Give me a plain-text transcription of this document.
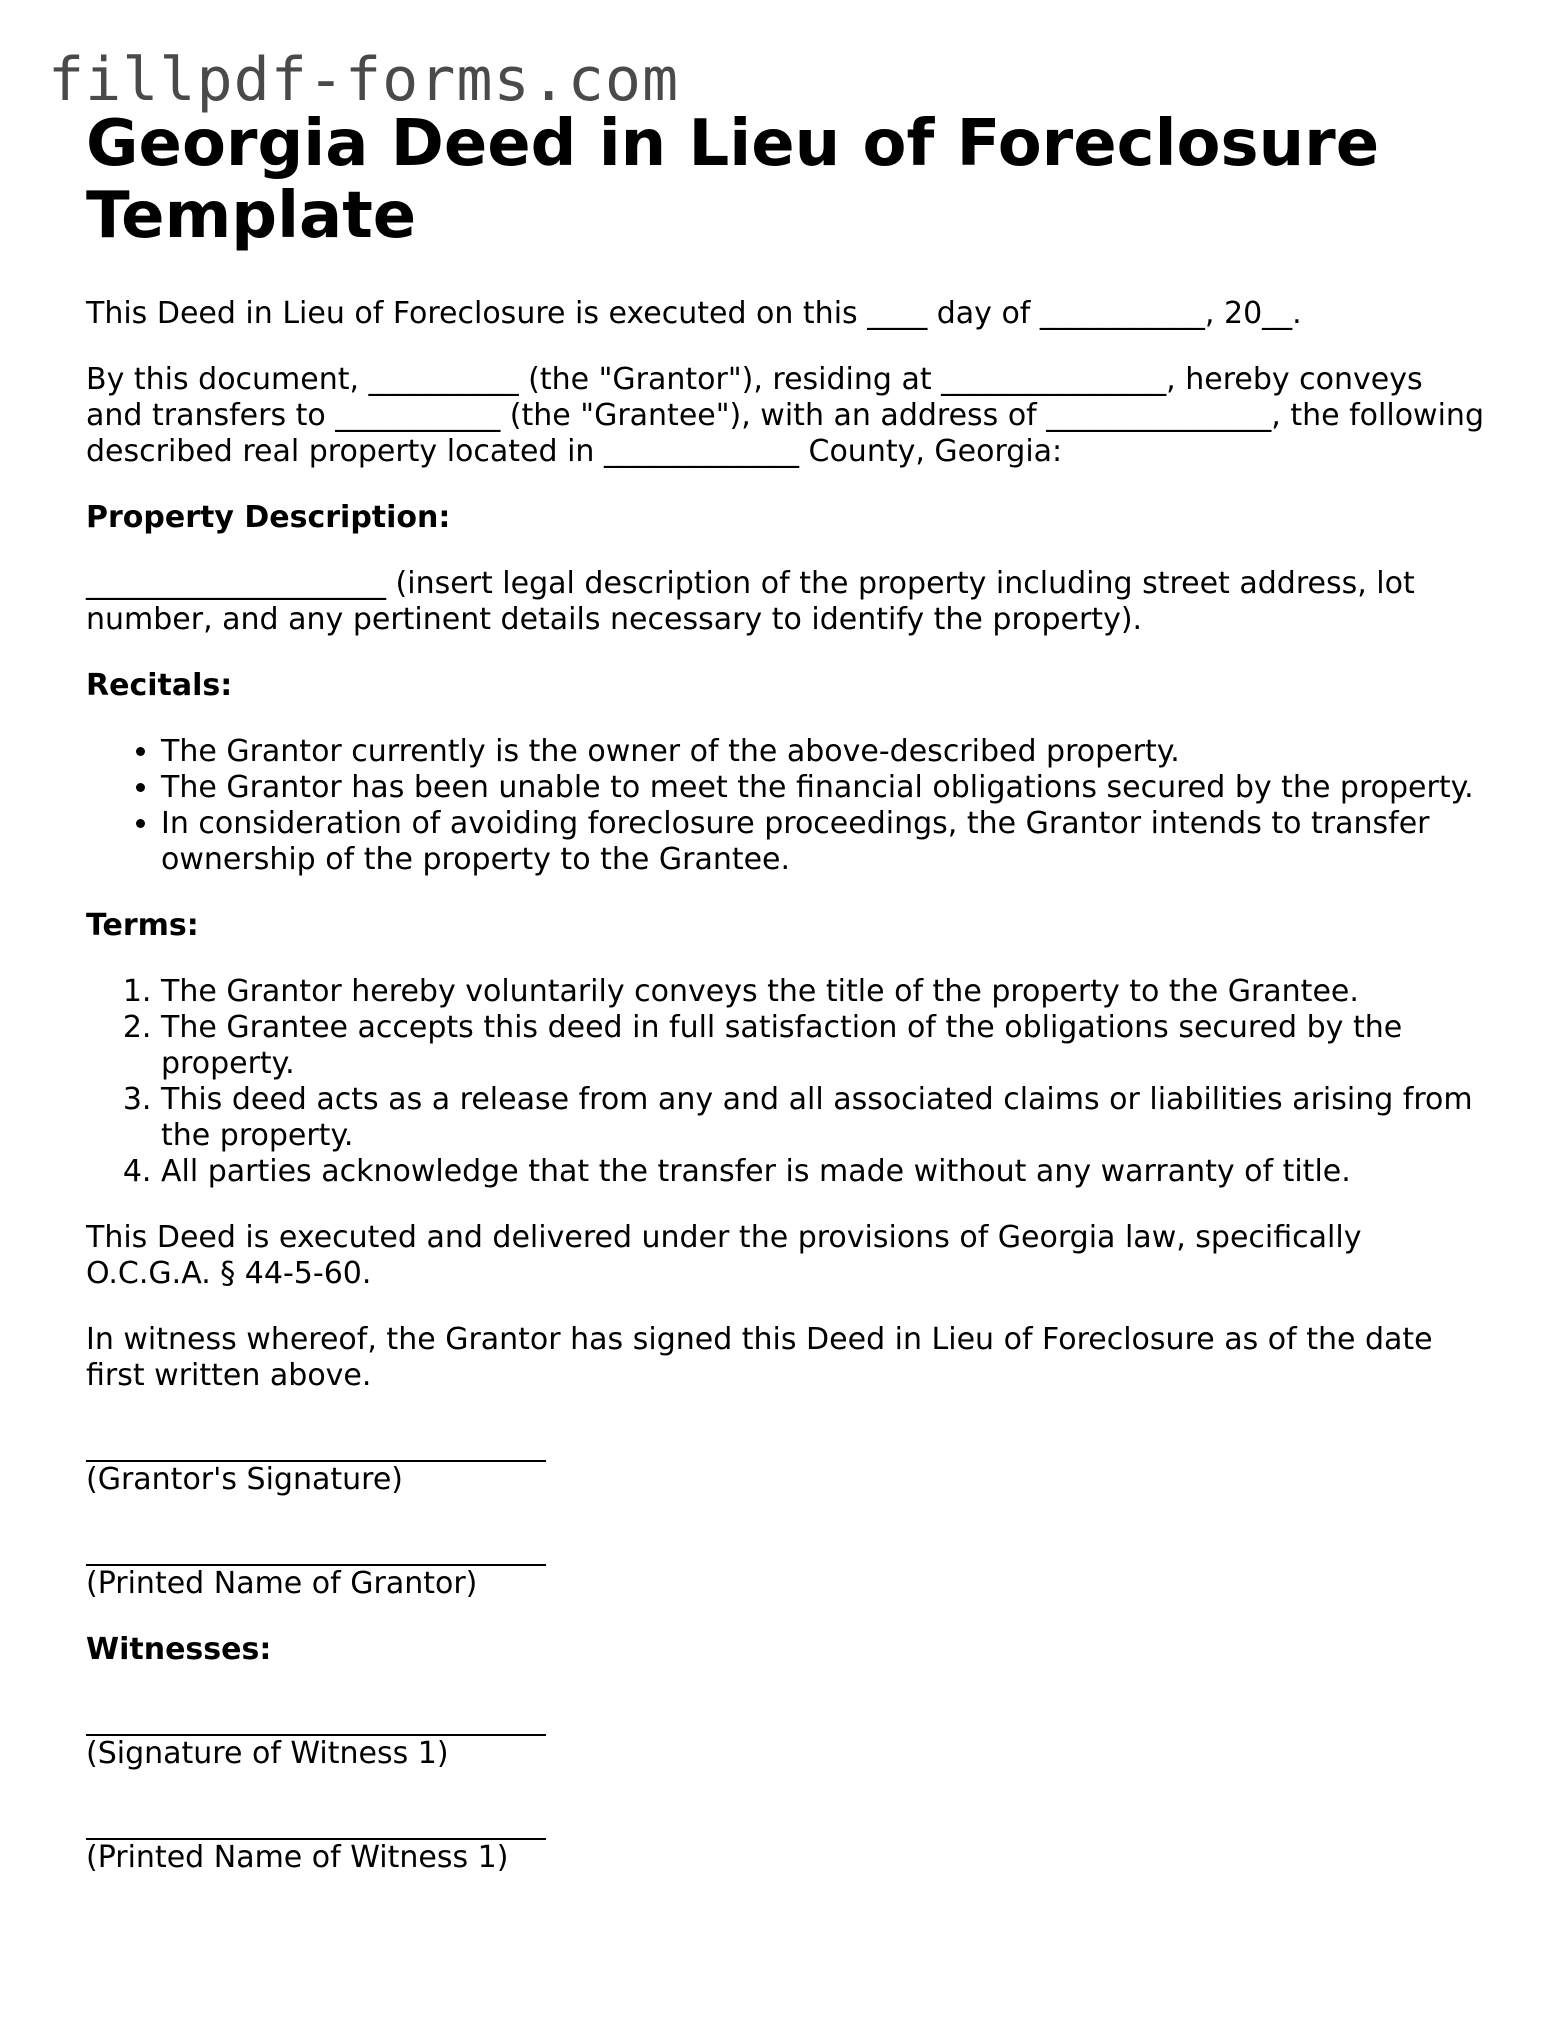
fillpdf-forms.com
Georgia Deed in Lieu of Foreclosure Template

This Deed in Lieu of Foreclosure is executed on this ____ day of ___________, 20__.

By this document, __________ (the "Grantor"), residing at _______________, hereby conveys and transfers to ___________ (the "Grantee"), with an address of _______________, the following described real property located in _____________ County, Georgia:

Property Description:

____________________ (insert legal description of the property including street address, lot number, and any pertinent details necessary to identify the property).

Recitals:
• The Grantor currently is the owner of the above-described property.
• The Grantor has been unable to meet the financial obligations secured by the property.
• In consideration of avoiding foreclosure proceedings, the Grantor intends to transfer ownership of the property to the Grantee.
Terms:
1. The Grantor hereby voluntarily conveys the title of the property to the Grantee.
2. The Grantee accepts this deed in full satisfaction of the obligations secured by the property.
3. This deed acts as a release from any and all associated claims or liabilities arising from the property.
4. All parties acknowledge that the transfer is made without any warranty of title.

This Deed is executed and delivered under the provisions of Georgia law, specifically O.C.G.A. § 44-5-60.

In witness whereof, the Grantor has signed this Deed in Lieu of Foreclosure as of the date first written above.

(Grantor's Signature)
(Printed Name of Grantor)
Witnesses:
(Signature of Witness 1)
(Printed Name of Witness 1)
